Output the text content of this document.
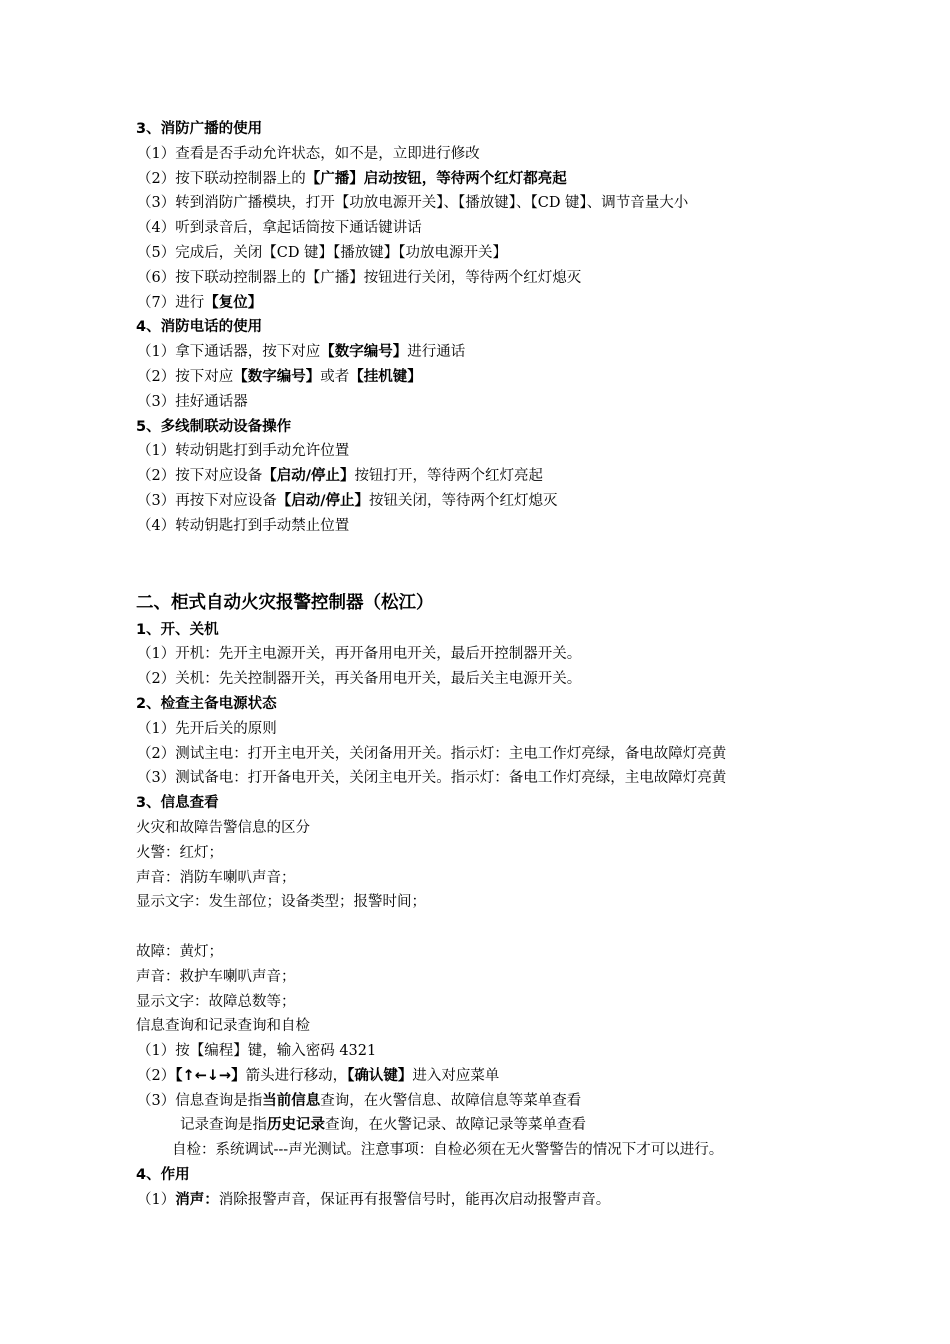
3、消防广播的使用
（1）查看是否手动允许状态，如不是，立即进行修改
（2）按下联动控制器上的【广播】启动按钮，等待两个红灯都亮起
（3）转到消防广播模块，打开【功放电源开关】、【播放键】、【CD 键】、调节音量大小
（4）听到录音后，拿起话筒按下通话键讲话
（5）完成后，关闭【CD 键】【播放键】【功放电源开关】
（6）按下联动控制器上的【广播】按钮进行关闭，等待两个红灯熄灭
（7）进行【复位】
4、消防电话的使用
（1）拿下通话器，按下对应【数字编号】进行通话
（2）按下对应【数字编号】或者【挂机键】
（3）挂好通话器
5、多线制联动设备操作
（1）转动钥匙打到手动允许位置
（2）按下对应设备【启动/停止】按钮打开，等待两个红灯亮起
（3）再按下对应设备【启动/停止】按钮关闭，等待两个红灯熄灭
（4）转动钥匙打到手动禁止位置
二、柜式自动火灾报警控制器（松江）
1、开、关机
（1）开机：先开主电源开关，再开备用电开关，最后开控制器开关。
（2）关机：先关控制器开关，再关备用电开关，最后关主电源开关。
2、检查主备电源状态
（1）先开后关的原则
（2）测试主电：打开主电开关，关闭备用开关。指示灯：主电工作灯亮绿，备电故障灯亮黄
（3）测试备电：打开备电开关，关闭主电开关。指示灯：备电工作灯亮绿，主电故障灯亮黄
3、信息查看
火灾和故障告警信息的区分
火警：红灯；
声音：消防车喇叭声音；
显示文字：发生部位；设备类型；报警时间；
故障：黄灯；
声音：救护车喇叭声音；
显示文字：故障总数等；
信息查询和记录查询和自检
（1）按【编程】键，输入密码 4321
（2）【↑←↓→】箭头进行移动，【确认键】进入对应菜单
（3）信息查询是指当前信息查询，在火警信息、故障信息等菜单查看
记录查询是指历史记录查询，在火警记录、故障记录等菜单查看
自检：系统调试---声光测试。注意事项：自检必须在无火警警告的情况下才可以进行。
4、作用
（1）消声：消除报警声音，保证再有报警信号时，能再次启动报警声音。
